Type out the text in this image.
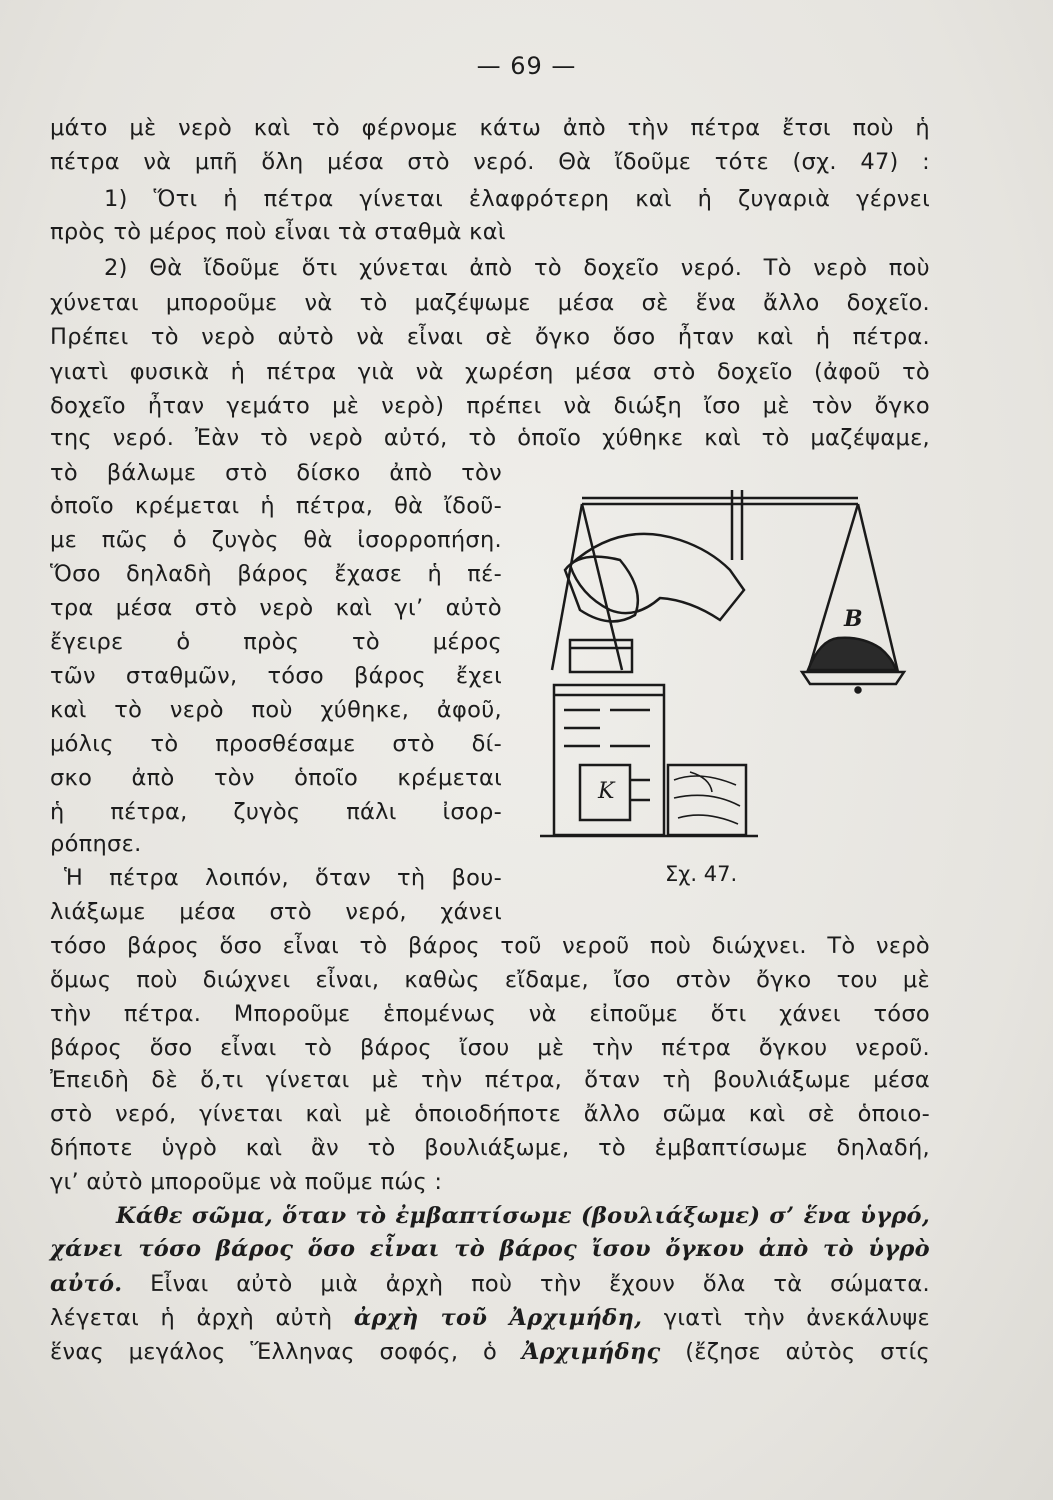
— 69 —
μάτο μὲ νερὸ καὶ τὸ φέρνομε κάτω ἀπὸ τὴν πέτρα ἔτσι ποὺ ἡ
πέτρα νὰ μπῆ ὅλη μέσα στὸ νερό. Θὰ ἴδοῦμε τότε (σχ. 47) :
1) Ὅτι ἡ πέτρα γίνεται ἐλαφρότερη καὶ ἡ ζυγαριὰ γέρνει
πρὸς τὸ μέρος ποὺ εἶναι τὰ σταθμὰ καὶ
2) Θὰ ἴδοῦμε ὅτι χύνεται ἀπὸ τὸ δοχεῖο νερό. Τὸ νερὸ ποὺ
χύνεται μποροῦμε νὰ τὸ μαζέψωμε μέσα σὲ ἕνα ἄλλο δοχεῖο.
Πρέπει τὸ νερὸ αὐτὸ νὰ εἶναι σὲ ὄγκο ὅσο ἦταν καὶ ἡ πέτρα.
γιατὶ φυσικὰ ἡ πέτρα γιὰ νὰ χωρέση μέσα στὸ δοχεῖο (ἀφοῦ τὸ
δοχεῖο ἦταν γεμάτο μὲ νερὸ) πρέπει νὰ διώξη ἴσο μὲ τὸν ὄγκο
της νερό. Ἐὰν τὸ νερὸ αὐτό, τὸ ὁποῖο χύθηκε καὶ τὸ μαζέψαμε,
τὸ βάλωμε στὸ δίσκο ἀπὸ τὸν
ὁποῖο κρέμεται ἡ πέτρα, θὰ ἴδοῦ-
με πῶς ὁ ζυγὸς θὰ ἰσορροπήση.
Ὅσο δηλαδὴ βάρος ἔχασε ἡ πέ-
τρα μέσα στὸ νερὸ καὶ γι’ αὐτὸ
ἔγειρε ὁ πρὸς τὸ μέρος
τῶν σταθμῶν, τόσο βάρος ἔχει
καὶ τὸ νερὸ ποὺ χύθηκε, ἀφοῦ,
μόλις τὸ προσθέσαμε στὸ δί-
σκο ἀπὸ τὸν ὁποῖο κρέμεται
ἡ πέτρα, ζυγὸς πάλι ἰσορ-
ρόπησε.
Ἡ πέτρα λοιπόν, ὅταν τὴ βου-
λιάξωμε μέσα στὸ νερό, χάνει
Β
Κ
Σχ. 47.
τόσο βάρος ὅσο εἶναι τὸ βάρος τοῦ νεροῦ ποὺ διώχνει. Τὸ νερὸ
ὅμως ποὺ διώχνει εἶναι, καθὼς εἴδαμε, ἴσο στὸν ὄγκο του μὲ
τὴν πέτρα. Μποροῦμε ἑπομένως νὰ εἰποῦμε ὅτι χάνει τόσο
βάρος ὅσο εἶναι τὸ βάρος ἴσου μὲ τὴν πέτρα ὄγκου νεροῦ.
Ἐπειδὴ δὲ ὅ,τι γίνεται μὲ τὴν πέτρα, ὅταν τὴ βουλιάξωμε μέσα
στὸ νερό, γίνεται καὶ μὲ ὁποιοδήποτε ἄλλο σῶμα καὶ σὲ ὁποιο-
δήποτε ὑγρὸ καὶ ἂν τὸ βουλιάξωμε, τὸ ἐμβαπτίσωμε δηλαδή,
γι’ αὐτὸ μποροῦμε νὰ ποῦμε πώς :
Κάθε σῶμα, ὅταν τὸ ἐμβαπτίσωμε (βουλιάξωμε) σ’ ἕνα ὑγρό,
χάνει τόσο βάρος ὅσο εἶναι τὸ βάρος ἴσου ὄγκου ἀπὸ τὸ ὑγρὸ
αὐτό. Εἶναι αὐτὸ μιὰ ἀρχὴ ποὺ τὴν ἔχουν ὅλα τὰ σώματα.
λέγεται ἡ ἀρχὴ αὐτὴ ἀρχὴ τοῦ Ἀρχιμήδη, γιατὶ τὴν ἀνεκάλυψε
ἕνας μεγάλος Ἕλληνας σοφός, ὁ Ἀρχιμήδης (ἔζησε αὐτὸς στίς
